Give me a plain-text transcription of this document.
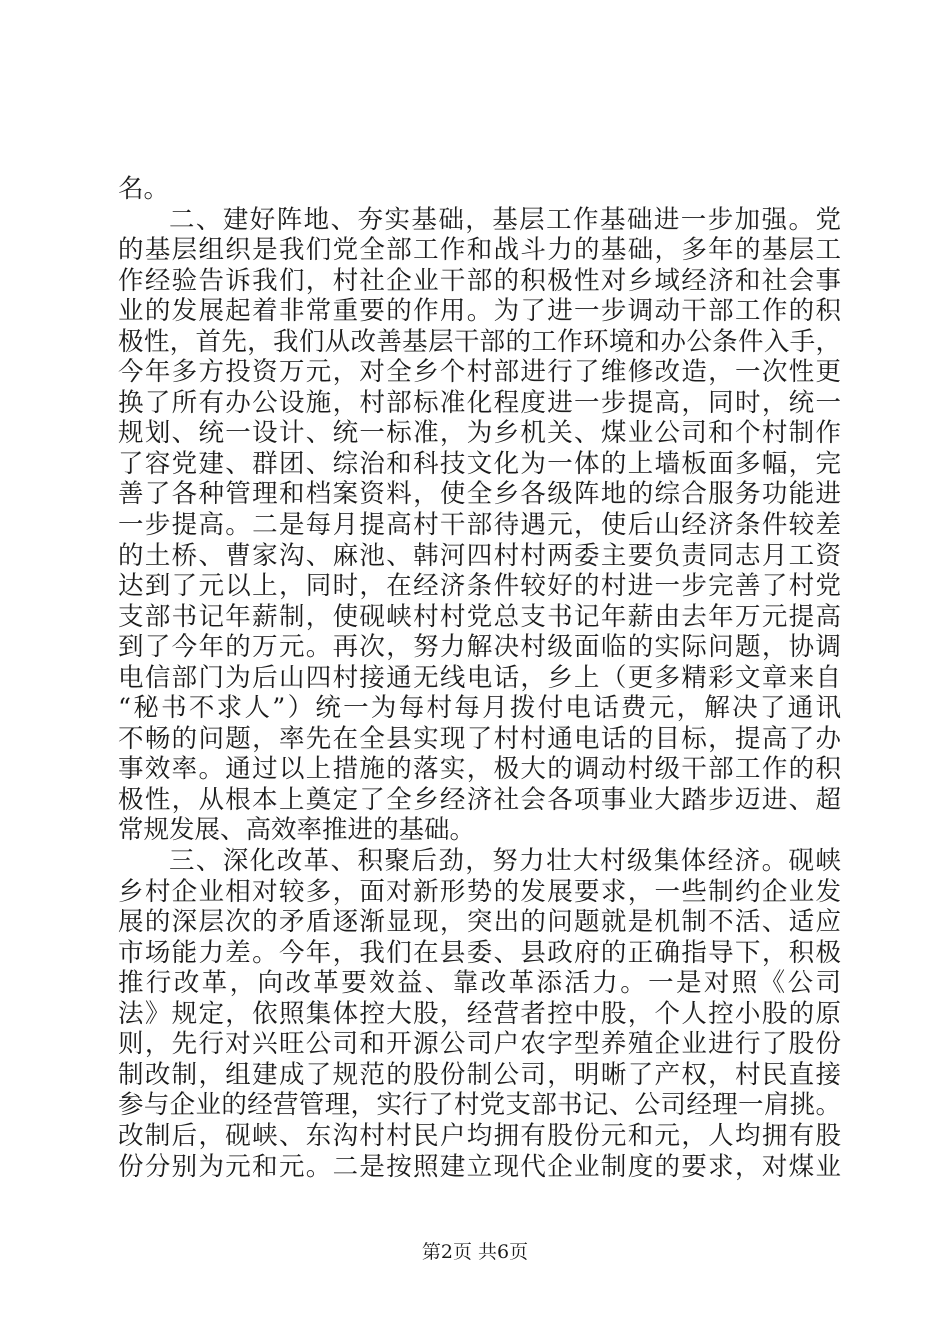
名。
二、建好阵地、夯实基础，基层工作基础进一步加强。党
的基层组织是我们党全部工作和战斗力的基础，多年的基层工
作经验告诉我们，村社企业干部的积极性对乡域经济和社会事
业的发展起着非常重要的作用。为了进一步调动干部工作的积
极性，首先，我们从改善基层干部的工作环境和办公条件入手，
今年多方投资万元，对全乡个村部进行了维修改造，一次性更
换了所有办公设施，村部标准化程度进一步提高，同时，统一
规划、统一设计、统一标准，为乡机关、煤业公司和个村制作
了容党建、群团、综治和科技文化为一体的上墙板面多幅，完
善了各种管理和档案资料，使全乡各级阵地的综合服务功能进
一步提高。二是每月提高村干部待遇元，使后山经济条件较差
的土桥、曹家沟、麻池、韩河四村村两委主要负责同志月工资
达到了元以上，同时，在经济条件较好的村进一步完善了村党
支部书记年薪制，使砚峡村村党总支书记年薪由去年万元提高
到了今年的万元。再次，努力解决村级面临的实际问题，协调
电信部门为后山四村接通无线电话，乡上（更多精彩文章来自
“秘书不求人”）统一为每村每月拨付电话费元，解决了通讯
不畅的问题，率先在全县实现了村村通电话的目标，提高了办
事效率。通过以上措施的落实，极大的调动村级干部工作的积
极性，从根本上奠定了全乡经济社会各项事业大踏步迈进、超
常规发展、高效率推进的基础。
三、深化改革、积聚后劲，努力壮大村级集体经济。砚峡
乡村企业相对较多，面对新形势的发展要求，一些制约企业发
展的深层次的矛盾逐渐显现，突出的问题就是机制不活、适应
市场能力差。今年，我们在县委、县政府的正确指导下，积极
推行改革，向改革要效益、靠改革添活力。一是对照《公司
法》规定，依照集体控大股，经营者控中股，个人控小股的原
则，先行对兴旺公司和开源公司户农字型养殖企业进行了股份
制改制，组建成了规范的股份制公司，明晰了产权，村民直接
参与企业的经营管理，实行了村党支部书记、公司经理一肩挑。
改制后，砚峡、东沟村村民户均拥有股份元和元，人均拥有股
份分别为元和元。二是按照建立现代企业制度的要求，对煤业
第2页 共6页
